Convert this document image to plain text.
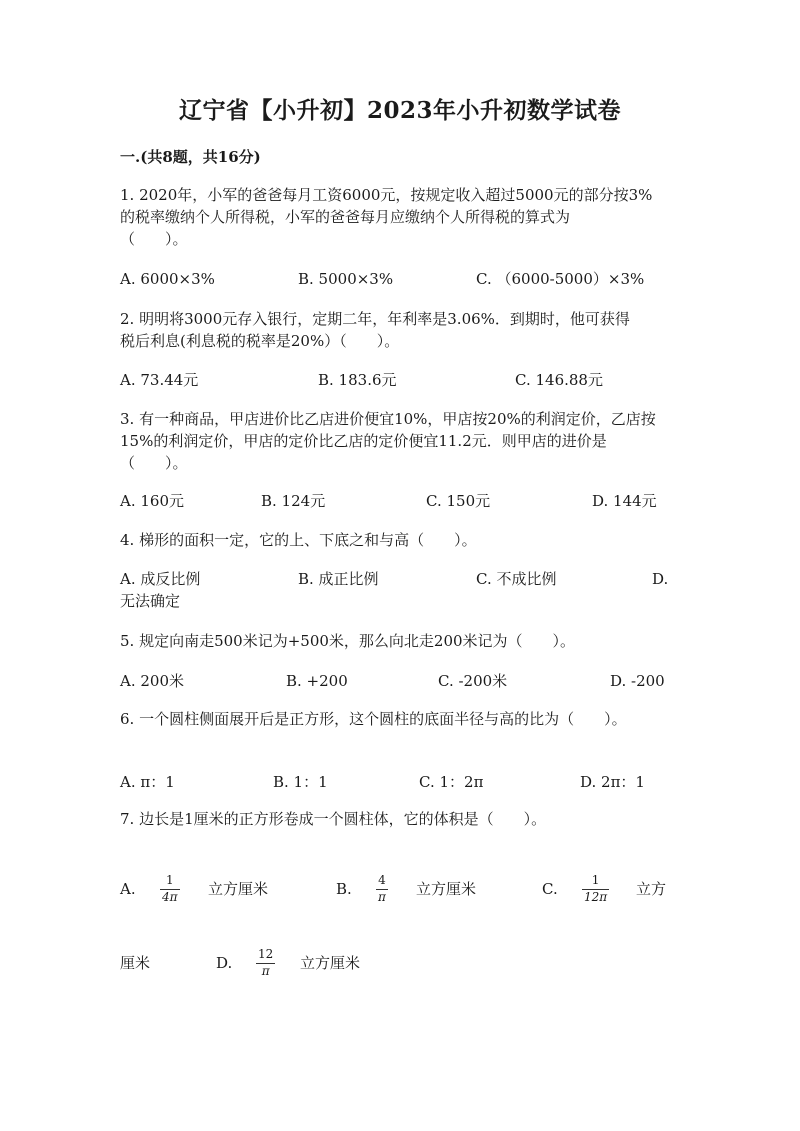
辽宁省【小升初】2023年小升初数学试卷
一.(共8题，共16分)
1. 2020年，小军的爸爸每月工资6000元，按规定收入超过5000元的部分按3%
的税率缴纳个人所得税，小军的爸爸每月应缴纳个人所得税的算式为
（　　）。
A. 6000×3%	B. 5000×3%	C. （6000-5000）×3%
2. 明明将3000元存入银行，定期二年，年利率是3.06%．到期时，他可获得
税后利息(利息税的税率是20%）（　　）。
A. 73.44元	B. 183.6元	C. 146.88元
3. 有一种商品，甲店进价比乙店进价便宜10%，甲店按20%的利润定价，乙店按
15%的利润定价，甲店的定价比乙店的定价便宜11.2元．则甲店的进价是
（　　）。
A. 160元	B. 124元	C. 150元	D. 144元
4. 梯形的面积一定，它的上、下底之和与高（　　）。
A. 成反比例	B. 成正比例	C. 不成比例	D.
无法确定
5. 规定向南走500米记为+500米，那么向北走200米记为（　　）。
A. 200米	B. +200	C. -200米	D. -200
6. 一个圆柱侧面展开后是正方形，这个圆柱的底面半径与高的比为（　　）。
A. π：1	B. 1：1	C. 1：2π	D. 2π：1
7. 边长是1厘米的正方形卷成一个圆柱体，它的体积是（　　）。
A.	1
4π 立方厘米	B. 4
π 立方厘米	C.	1
12π 立方
厘米	D. 12
π 立方厘米
